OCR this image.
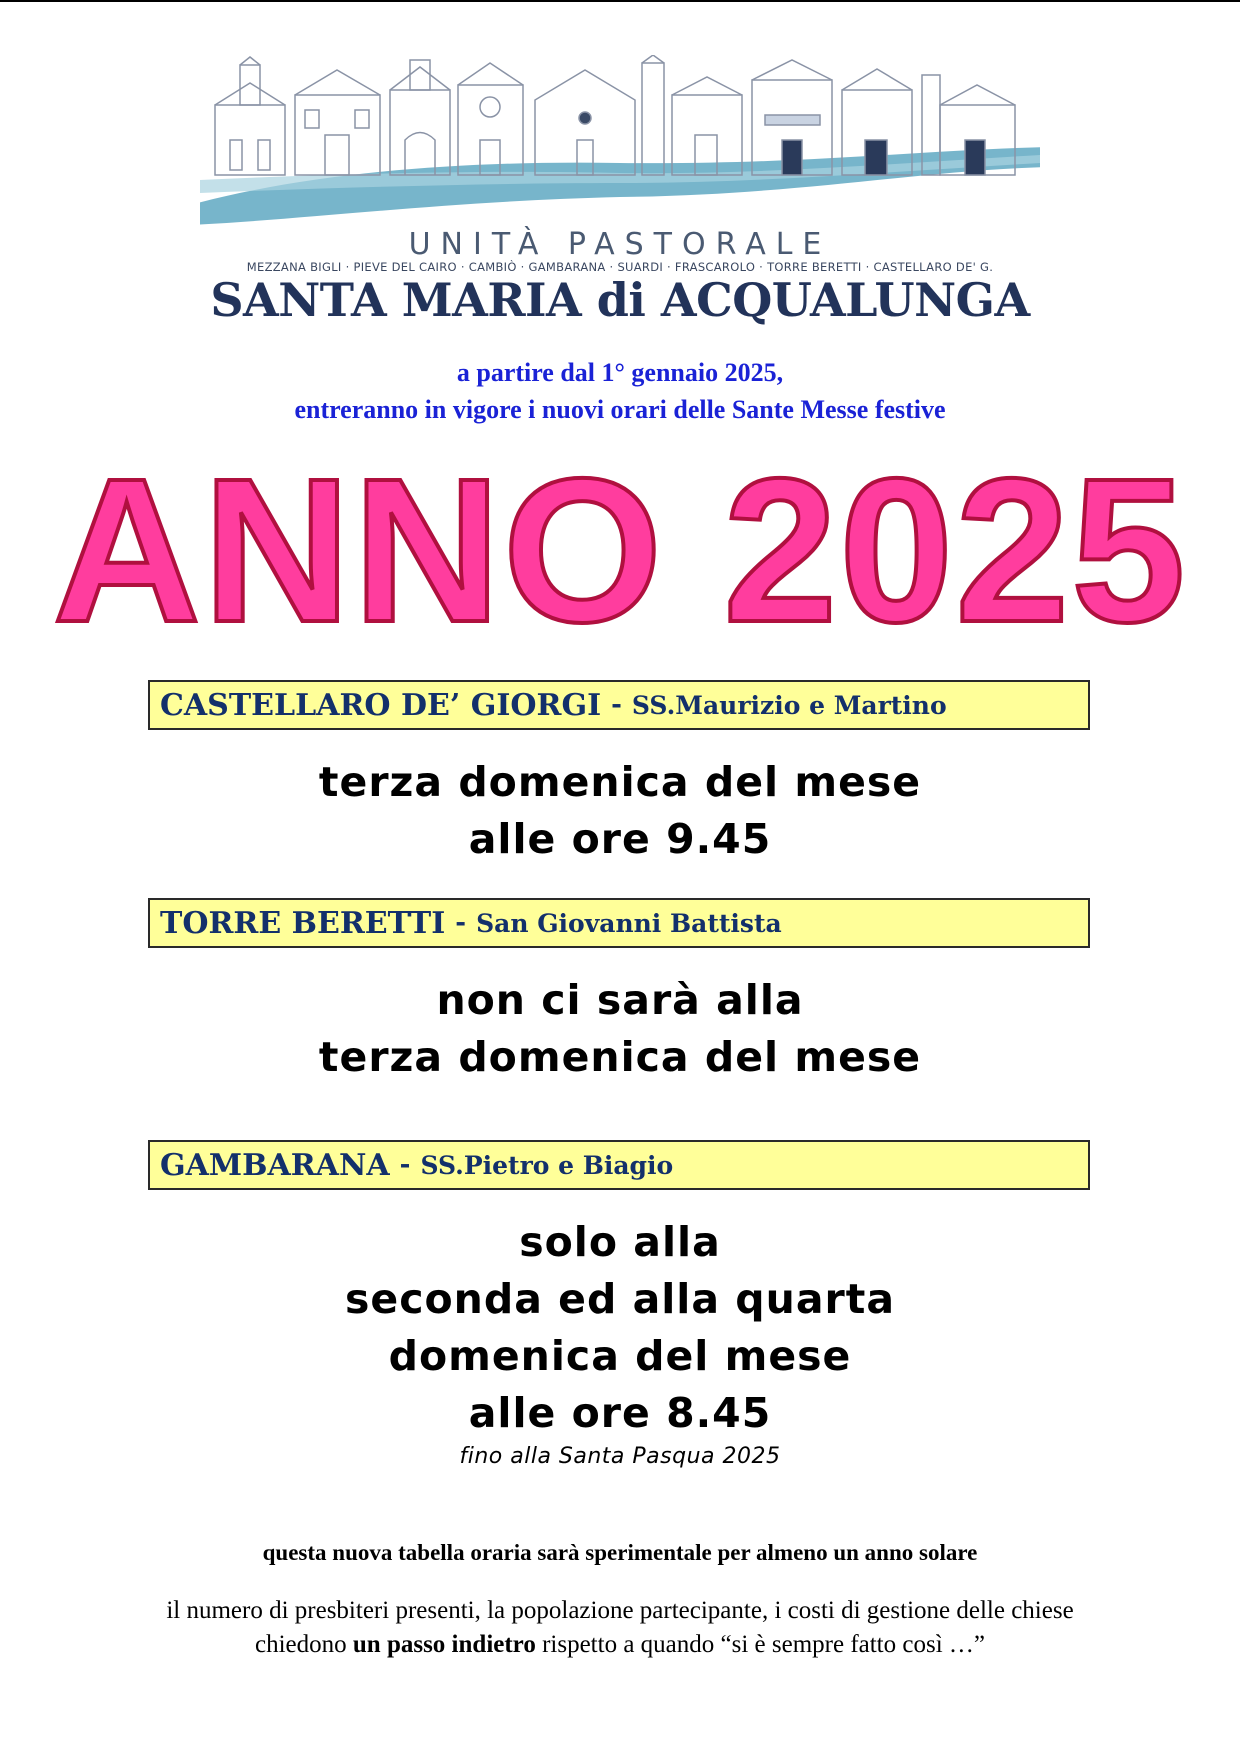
UNITÀ PASTORALE
MEZZANA BIGLI · PIEVE DEL CAIRO · CAMBIÒ · GAMBARANA · SUARDI · FRASCAROLO · TORRE BERETTI · CASTELLARO DE' G.
SANTA MARIA di ACQUALUNGA
a partire dal 1° gennaio 2025,
entreranno in vigore i nuovi orari delle Sante Messe festive
ANNO 2025
CASTELLARO DE’ GIORGI - SS.Maurizio e Martino
terza domenica del mese
alle ore 9.45
TORRE BERETTI - San Giovanni Battista
non ci sarà alla
terza domenica del mese
GAMBARANA - SS.Pietro e Biagio
solo alla
seconda ed alla quarta
domenica del mese
alle ore 8.45
fino alla Santa Pasqua 2025
questa nuova tabella oraria sarà sperimentale per almeno un anno solare
il numero di presbiteri presenti, la popolazione partecipante, i costi di gestione delle chiese
chiedono un passo indietro rispetto a quando “si è sempre fatto così …”
